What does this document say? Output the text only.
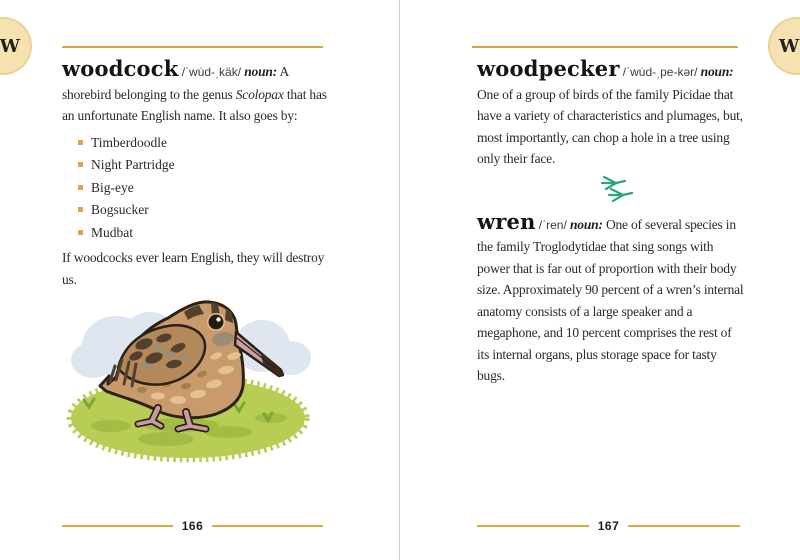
W

woodcock /ˈwu̇d-ˌkäk/ noun: A shorebird belonging to the genus Scolopax that has an unfortunate English name. It also goes by:

Timberdoodle
Night Partridge
Big-eye
Bogsucker
Mudbat

If woodcocks ever learn English, they will destroy us.

166
W

woodpecker /ˈwu̇d-ˌpe-kər/ noun: One of a group of birds of the family Picidae that have a variety of characteristics and plumages, but, most importantly, can chop a hole in a tree using only their face.

wren /ˈren/ noun: One of several species in the family Troglodytidae that sing songs with power that is far out of proportion with their body size. Approximately 90 percent of a wren’s internal anatomy consists of a large speaker and a megaphone, and 10 percent comprises the rest of its internal organs, plus storage space for tasty bugs.

167
